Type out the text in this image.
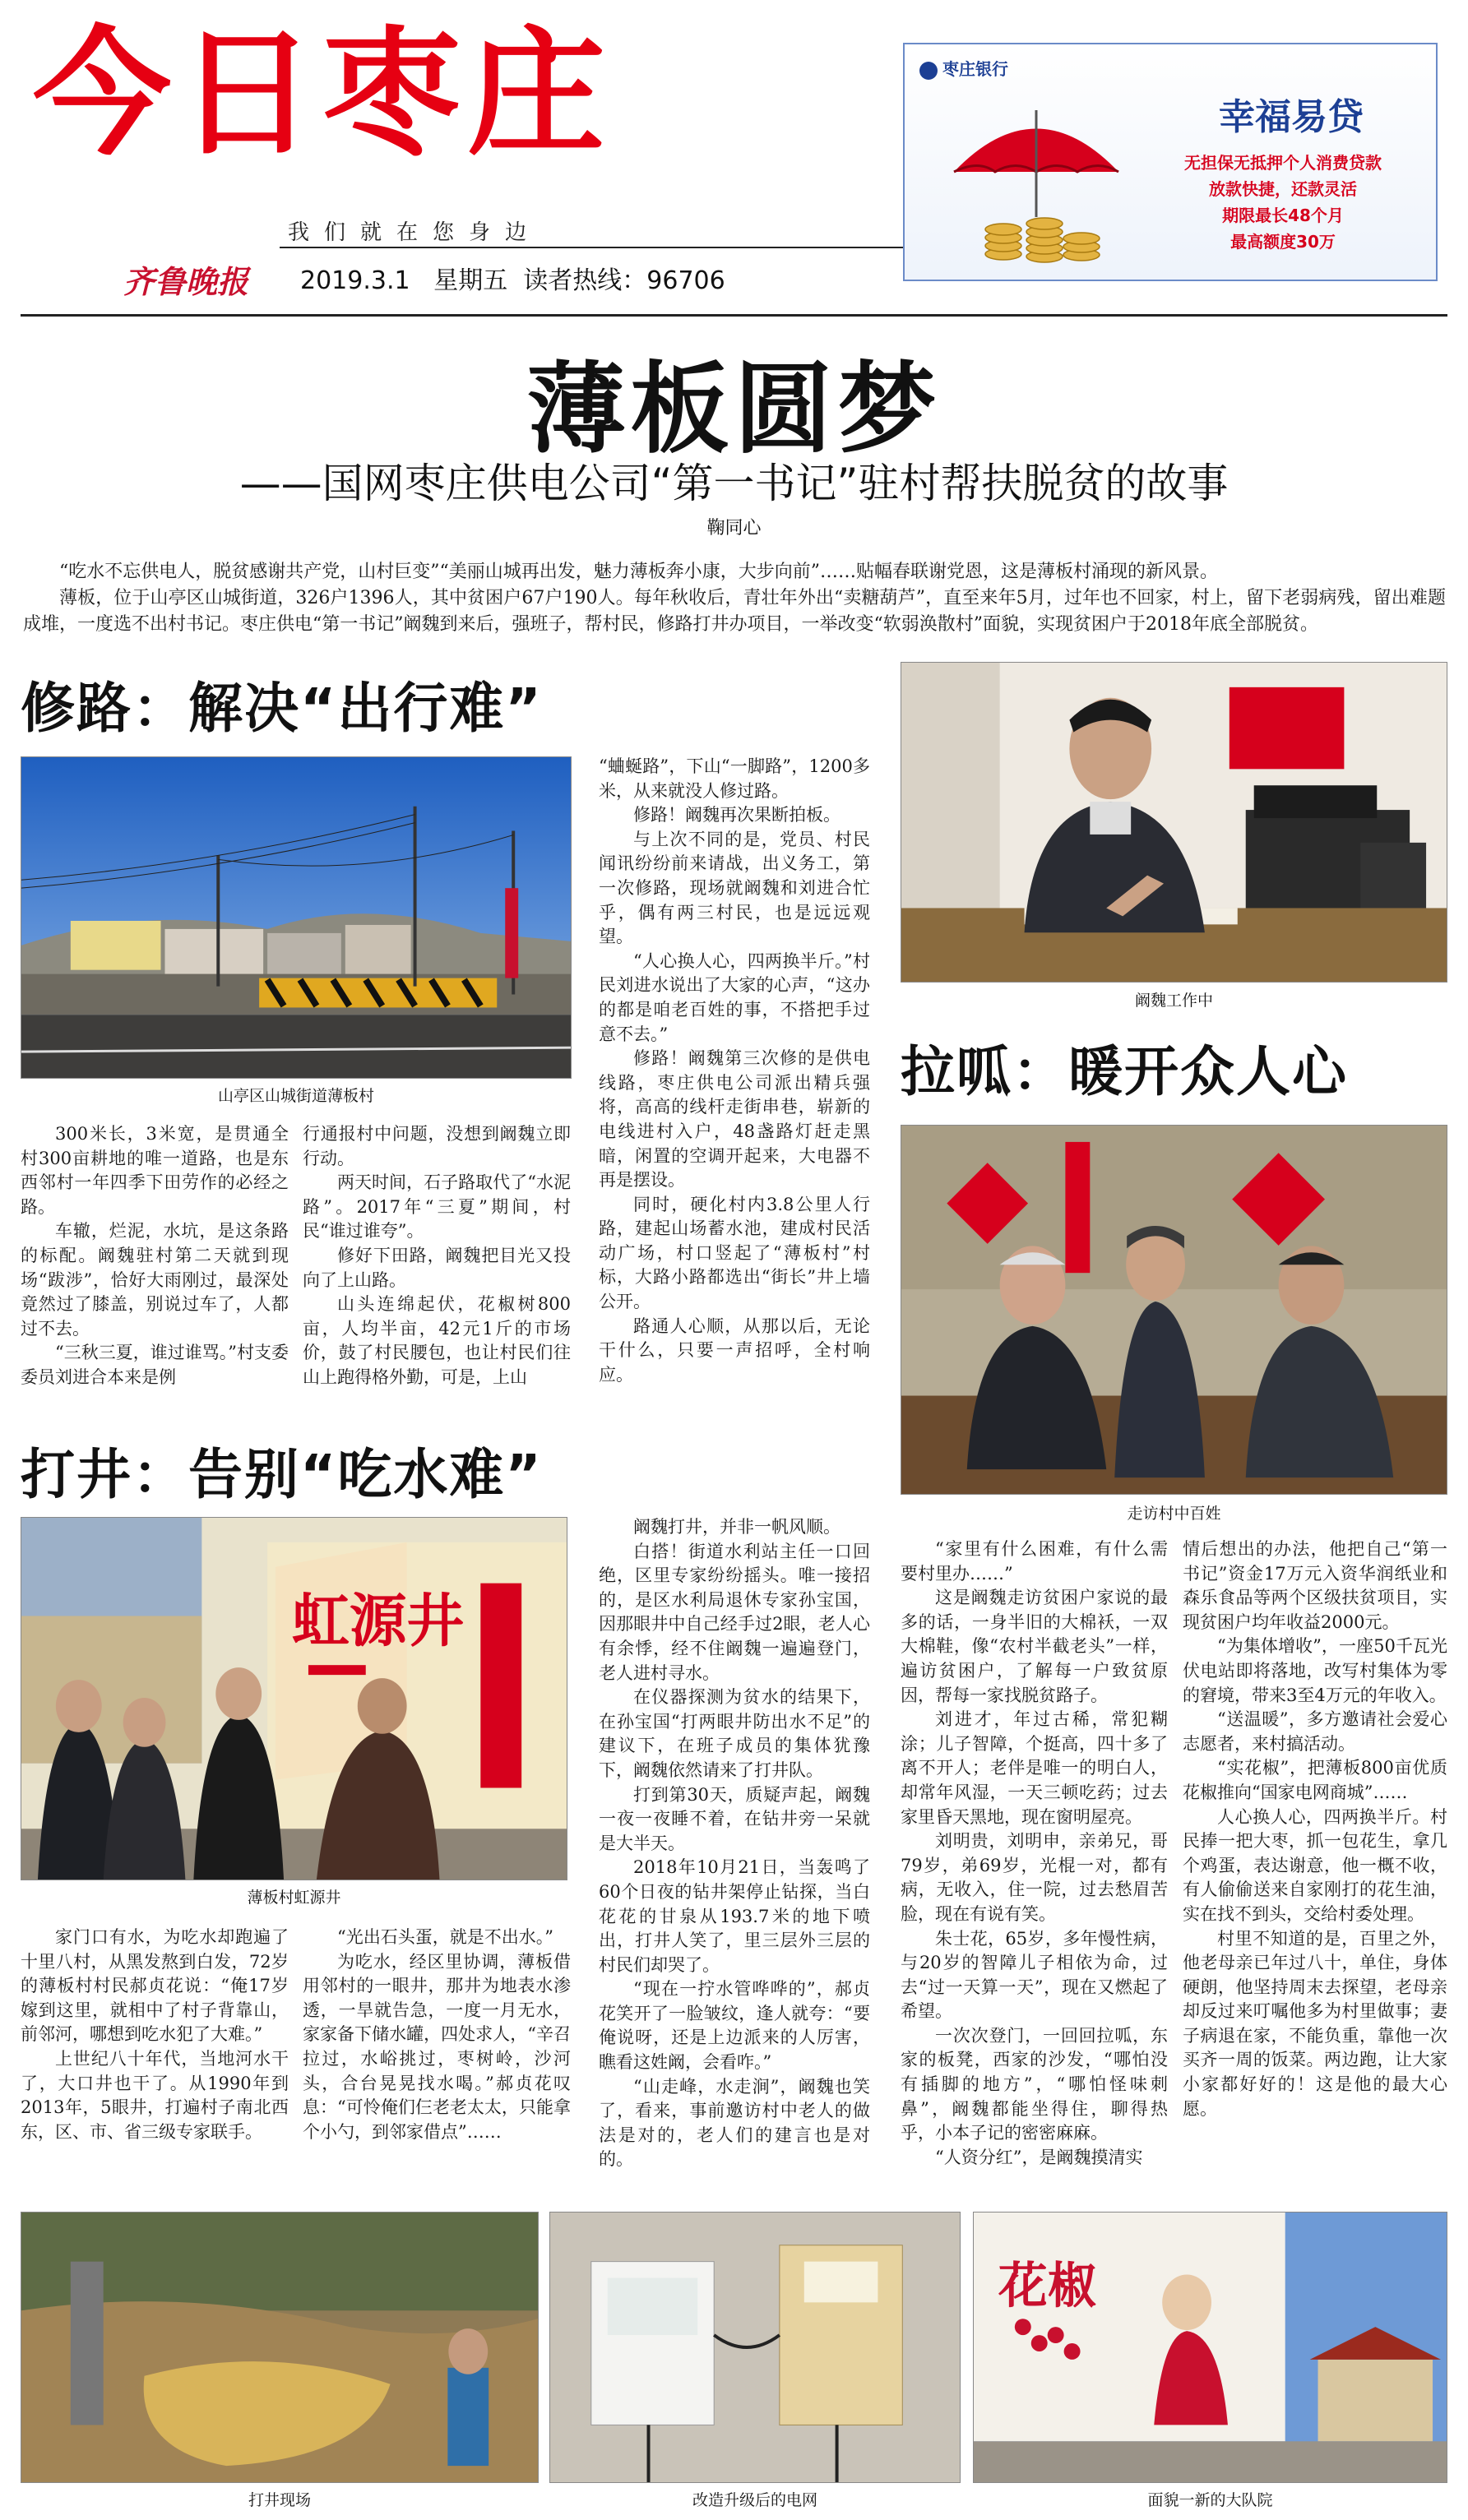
今日枣庄
我们就在您身边
齐鲁晚报 2019.3.1 星期五 读者热线：96706
枣庄银行
幸福易贷
无担保无抵押个人消费贷款
放款快捷，还款灵活
期限最长48个月
最高额度30万
薄板圆梦
——国网枣庄供电公司“第一书记”驻村帮扶脱贫的故事
鞠同心

“吃水不忘供电人，脱贫感谢共产党，山村巨变”“美丽山城再出发，魅力薄板奔小康，大步向前”……贴幅春联谢党恩，这是薄板村涌现的新风景。

薄板，位于山亭区山城街道，326户1396人，其中贫困户67户190人。每年秋收后，青壮年外出“卖糖葫芦”，直至来年5月，过年也不回家，村上，留下老弱病残，留出难题成堆，一度选不出村书记。枣庄供电“第一书记”阚魏到来后，强班子，帮村民，修路打井办项目，一举改变“软弱涣散村”面貌，实现贫困户于2018年底全部脱贫。

修路：解决“出行难”
山亭区山城街道薄板村

300米长，3米宽，是贯通全村300亩耕地的唯一道路，也是东西邻村一年四季下田劳作的必经之路。

车辙，烂泥，水坑，是这条路的标配。阚魏驻村第二天就到现场“跋涉”，恰好大雨刚过，最深处竟然过了膝盖，别说过车了，人都过不去。

“三秋三夏，谁过谁骂。”村支委委员刘进合本来是例

行通报村中问题，没想到阚魏立即行动。

两天时间，石子路取代了“水泥路”。2017年“三夏”期间，村民“谁过谁夸”。

修好下田路，阚魏把目光又投向了上山路。

山头连绵起伏，花椒树800亩，人均半亩，42元1斤的市场价，鼓了村民腰包，也让村民们往山上跑得格外勤，可是，上山

“蛐蜒路”，下山“一脚路”，1200多米，从来就没人修过路。

修路！阚魏再次果断拍板。

与上次不同的是，党员、村民闻讯纷纷前来请战，出义务工，第一次修路，现场就阚魏和刘进合忙乎，偶有两三村民，也是远远观望。

“人心换人心，四两换半斤。”村民刘进水说出了大家的心声，“这办的都是咱老百姓的事，不搭把手过意不去。”

修路！阚魏第三次修的是供电线路，枣庄供电公司派出精兵强将，高高的线杆走街串巷，崭新的电线进村入户，48盏路灯赶走黑暗，闲置的空调开起来，大电器不再是摆设。

同时，硬化村内3.8公里人行路，建起山场蓄水池，建成村民活动广场，村口竖起了“薄板村”村标，大路小路都选出“街长”井上墙公开。

路通人心顺，从那以后，无论干什么，只要一声招呼，全村响应。

阚魏工作中
拉呱：暖开众人心
走访村中百姓
打井：告别“吃水难”
虹源井
薄板村虹源井

家门口有水，为吃水却跑遍了十里八村，从黑发熬到白发，72岁的薄板村村民郝贞花说：“俺17岁嫁到这里，就相中了村子背靠山，前邻河，哪想到吃水犯了大难。”

上世纪八十年代，当地河水干了，大口井也干了。从1990年到2013年，5眼井，打遍村子南北西东，区、市、省三级专家联手。

“光出石头蛋，就是不出水。”

为吃水，经区里协调，薄板借用邻村的一眼井，那井为地表水渗透，一旱就告急，一度一月无水，家家备下储水罐，四处求人，“辛召拉过，水峪挑过，枣树岭，沙河头，合台晃晃找水喝。”郝贞花叹息：“可怜俺们仨老老太太，只能拿个小勺，到邻家借点”……

阚魏打井，并非一帆风顺。

白搭！街道水利站主任一口回绝，区里专家纷纷摇头。唯一接招的，是区水利局退休专家孙宝国，因那眼井中自己经手过2眼，老人心有余悸，经不住阚魏一遍遍登门，老人进村寻水。

在仪器探测为贫水的结果下，在孙宝国“打两眼井防出水不足”的建议下，在班子成员的集体犹豫下，阚魏依然请来了打井队。

打到第30天，质疑声起，阚魏一夜一夜睡不着，在钻井旁一呆就是大半天。

2018年10月21日，当轰鸣了60个日夜的钻井架停止钻探，当白花花的甘泉从193.7米的地下喷出，打井人笑了，里三层外三层的村民们却哭了。

“现在一拧水管哗哗的”，郝贞花笑开了一脸皱纹，逢人就夸：“要俺说呀，还是上边派来的人厉害，瞧看这姓阚，会看咋。”

“山走峰，水走涧”，阚魏也笑了，看来，事前邀访村中老人的做法是对的，老人们的建言也是对的。

“家里有什么困难，有什么需要村里办……”

这是阚魏走访贫困户家说的最多的话，一身半旧的大棉袄，一双大棉鞋，像“农村半截老头”一样，遍访贫困户，了解每一户致贫原因，帮每一家找脱贫路子。

刘进才，年过古稀，常犯糊涂；儿子智障，个挺高，四十多了离不开人；老伴是唯一的明白人，却常年风湿，一天三顿吃药；过去家里昏天黑地，现在窗明屋亮。

刘明贵，刘明申，亲弟兄，哥79岁，弟69岁，光棍一对，都有病，无收入，住一院，过去愁眉苦脸，现在有说有笑。

朱士花，65岁，多年慢性病，与20岁的智障儿子相依为命，过去“过一天算一天”，现在又燃起了希望。

一次次登门，一回回拉呱，东家的板凳，西家的沙发，“哪怕没有插脚的地方”，“哪怕怪味刺鼻”，阚魏都能坐得住，聊得热乎，小本子记的密密麻麻。

“人资分红”，是阚魏摸清实

情后想出的办法，他把自己“第一书记”资金17万元入资华润纸业和森乐食品等两个区级扶贫项目，实现贫困户均年收益2000元。

“为集体增收”，一座50千瓦光伏电站即将落地，改写村集体为零的窘境，带来3至4万元的年收入。

“送温暖”，多方邀请社会爱心志愿者，来村搞活动。

“实花椒”，把薄板800亩优质花椒推向“国家电网商城”……

人心换人心，四两换半斤。村民捧一把大枣，抓一包花生，拿几个鸡蛋，表达谢意，他一概不收，有人偷偷送来自家刚打的花生油，实在找不到头，交给村委处理。

村里不知道的是，百里之外，他老母亲已年过八十，单住，身体硬朗，他坚持周末去探望，老母亲却反过来叮嘱他多为村里做事；妻子病退在家，不能负重，靠他一次买齐一周的饭菜。两边跑，让大家小家都好好的！这是他的最大心愿。

打井现场	改造升级后的电网
花椒
面貌一新的大队院
